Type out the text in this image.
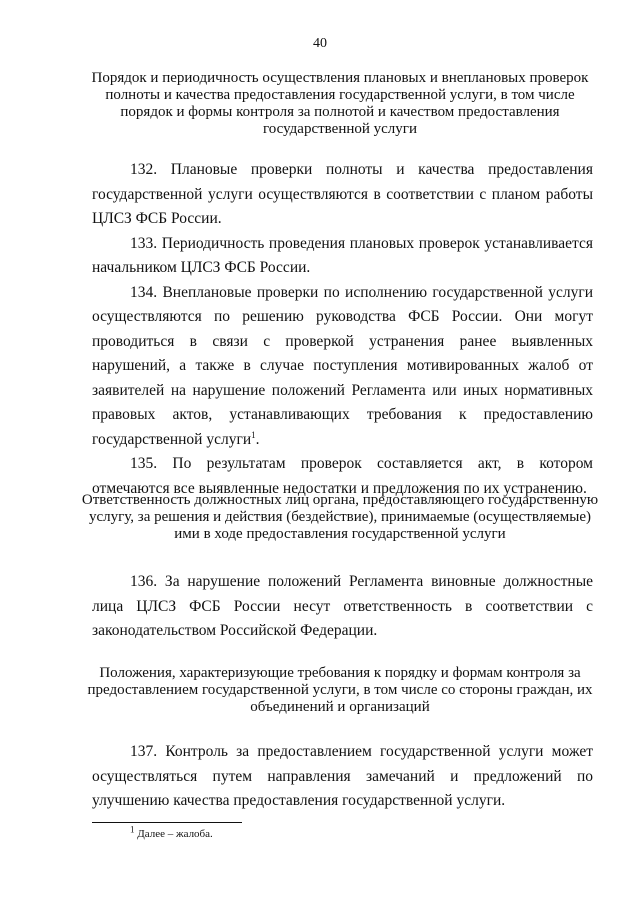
40
Порядок и периодичность осуществления плановых и внеплановых проверок полноты и качества предоставления государственной услуги, в том числе порядок и формы контроля за полнотой и качеством предоставления государственной услуги

132. Плановые проверки полноты и качества предоставления государственной услуги осуществляются в соответствии с планом работы ЦЛСЗ ФСБ России.

133. Периодичность проведения плановых проверок устанавливается начальником ЦЛСЗ ФСБ России.

134. Внеплановые проверки по исполнению государственной услуги осуществляются по решению руководства ФСБ России. Они могут проводиться в связи с проверкой устранения ранее выявленных нарушений, а также в случае поступления мотивированных жалоб от заявителей на нарушение положений Регламента или иных нормативных правовых актов, устанавливающих требования к предоставлению государственной услуги$^1$.

135. По результатам проверок составляется акт, в котором отмечаются все выявленные недостатки и предложения по их устранению.

Ответственность должностных лиц органа, предоставляющего государственную услугу, за решения и действия (бездействие), принимаемые (осуществляемые) ими в ходе предоставления государственной услуги

136. За нарушение положений Регламента виновные должностные лица ЦЛСЗ ФСБ России несут ответственность в соответствии с законодательством Российской Федерации.

Положения, характеризующие требования к порядку и формам контроля за предоставлением государственной услуги, в том числе со стороны граждан, их объединений и организаций

137. Контроль за предоставлением государственной услуги может осуществляться путем направления замечаний и предложений по улучшению качества предоставления государственной услуги.

$^1$ Далее – жалоба.
